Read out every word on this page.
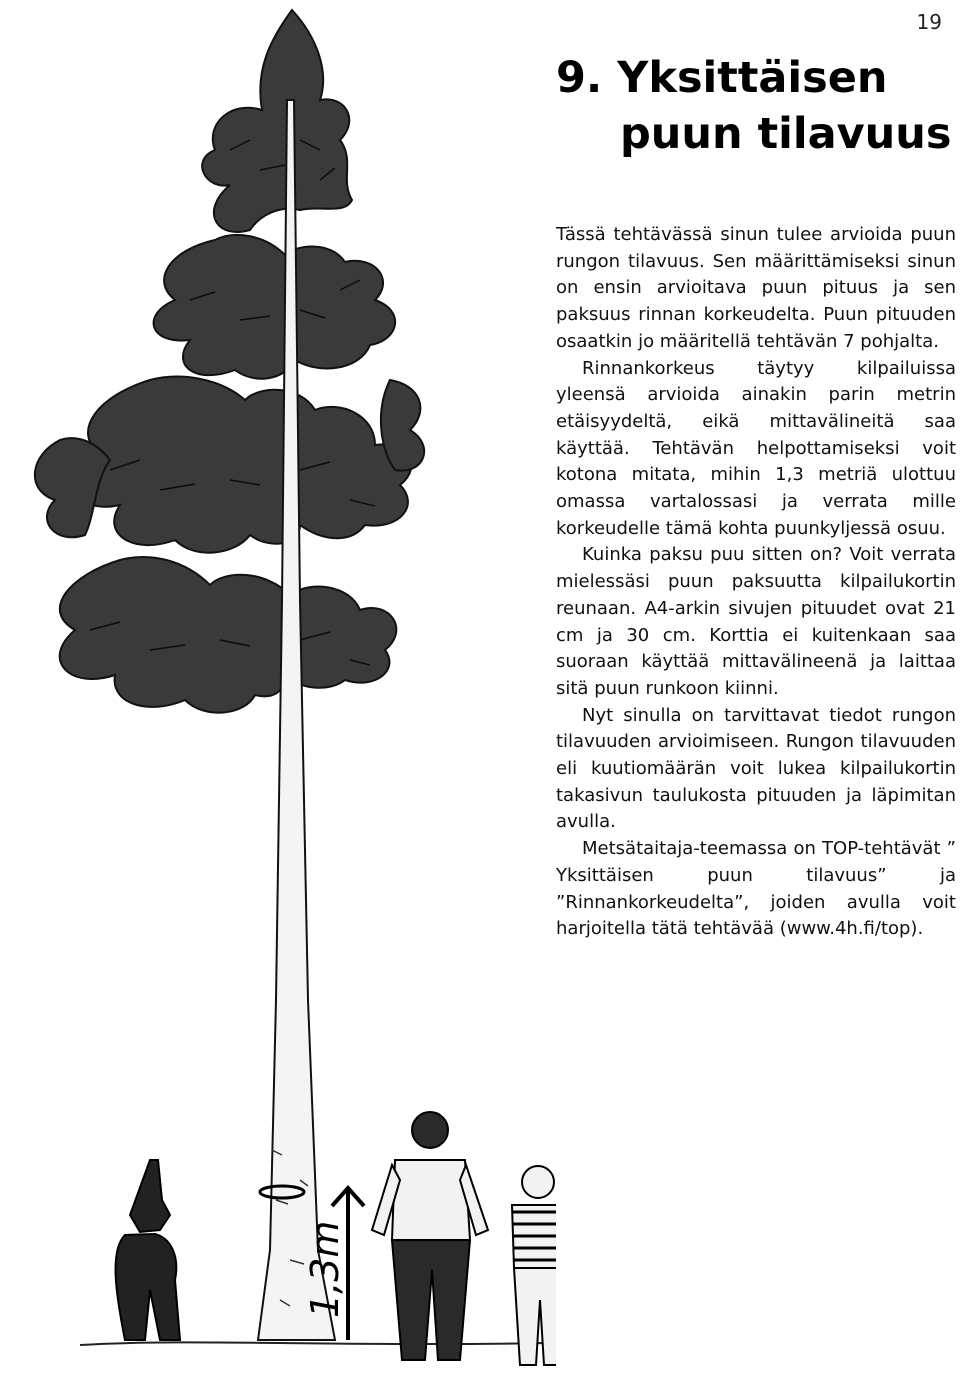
19
9. Yksittäisen
puun tilavuus

Tässä tehtävässä sinun tulee arvioida puun rungon tilavuus. Sen määrittämiseksi sinun on ensin arvioitava puun pituus ja sen paksuus rinnan korkeudelta. Puun pituuden osaatkin jo määritellä tehtävän 7 pohjalta.

Rinnankorkeus täytyy kilpailuissa yleensä arvioida ainakin parin metrin etäisyydeltä, eikä mittavälineitä saa käyttää. Tehtävän helpottamiseksi voit kotona mitata, mihin 1,3 metriä ulottuu omassa vartalossasi ja verrata mille korkeudelle tämä kohta puunkyljessä osuu.

Kuinka paksu puu sitten on? Voit verrata mielessäsi puun paksuutta kilpailukortin reunaan. A4-arkin sivujen pituudet ovat 21 cm ja 30 cm. Korttia ei kuitenkaan saa suoraan käyttää mittavälineenä ja laittaa sitä puun runkoon kiinni.

Nyt sinulla on tarvittavat tiedot rungon tilavuuden arvioimiseen. Rungon tilavuuden eli kuutiomäärän voit lukea kilpailukortin takasivun taulukosta pituuden ja läpimitan avulla.

Metsätaitaja-teemassa on TOP-tehtävät ” Yksittäisen puun tilavuus” ja ”Rinnankorkeudelta”, joiden avulla voit harjoitella tätä tehtävää (www.4h.fi/top).

1,3m
